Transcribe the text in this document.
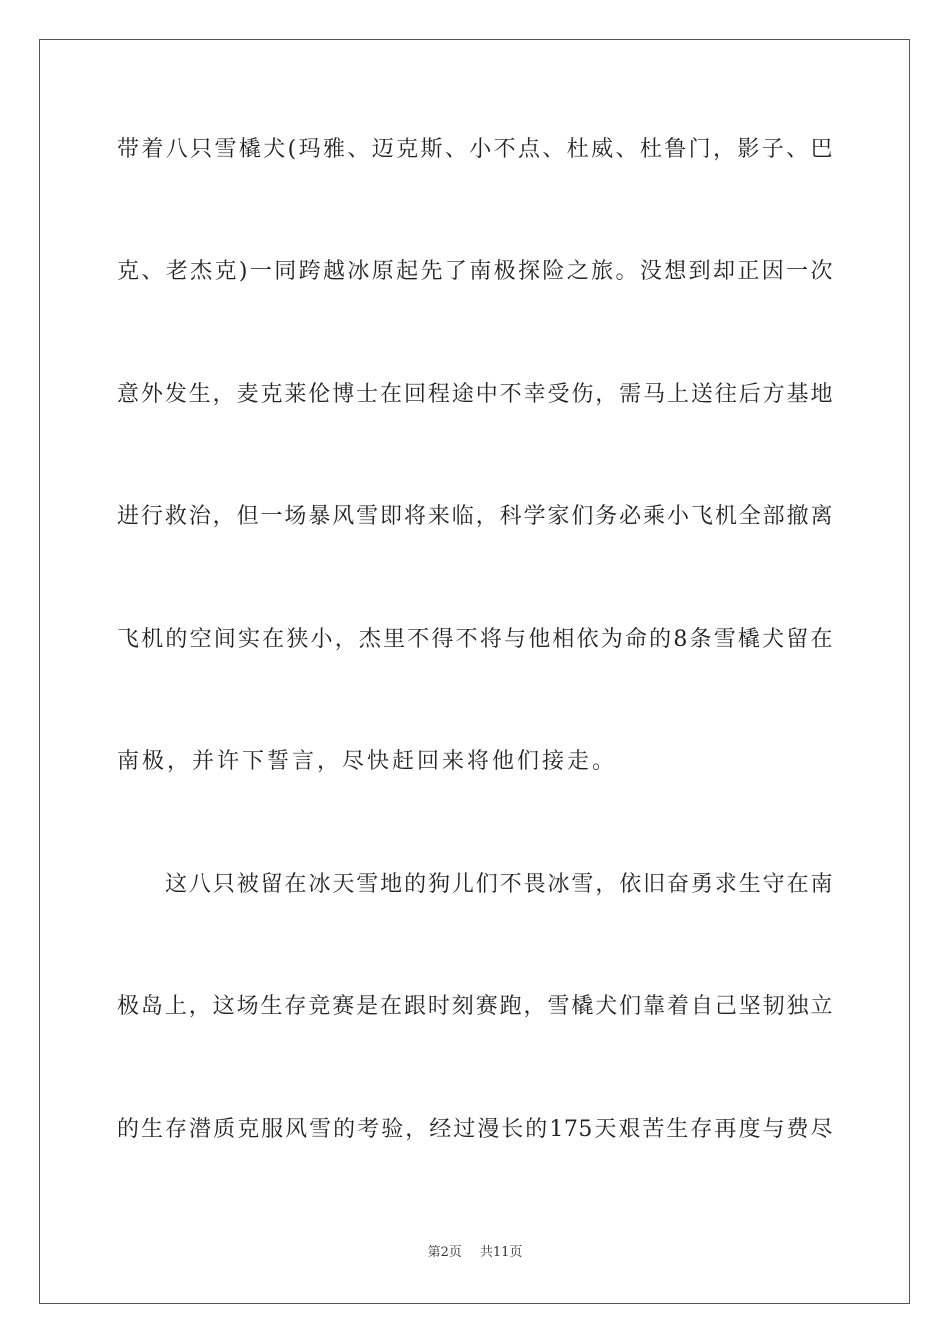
带着八只雪橇犬(玛雅、迈克斯、小不点、杜威、杜鲁门，影子、巴
克、老杰克)一同跨越冰原起先了南极探险之旅。没想到却正因一次
意外发生，麦克莱伦博士在回程途中不幸受伤，需马上送往后方基地
进行救治，但一场暴风雪即将来临，科学家们务必乘小飞机全部撤离
飞机的空间实在狭小，杰里不得不将与他相依为命的8条雪橇犬留在
南极，并许下誓言，尽快赶回来将他们接走。
这八只被留在冰天雪地的狗儿们不畏冰雪，依旧奋勇求生守在南
极岛上，这场生存竞赛是在跟时刻赛跑，雪橇犬们靠着自己坚韧独立
的生存潜质克服风雪的考验，经过漫长的175天艰苦生存再度与费尽
第2页 共11页
